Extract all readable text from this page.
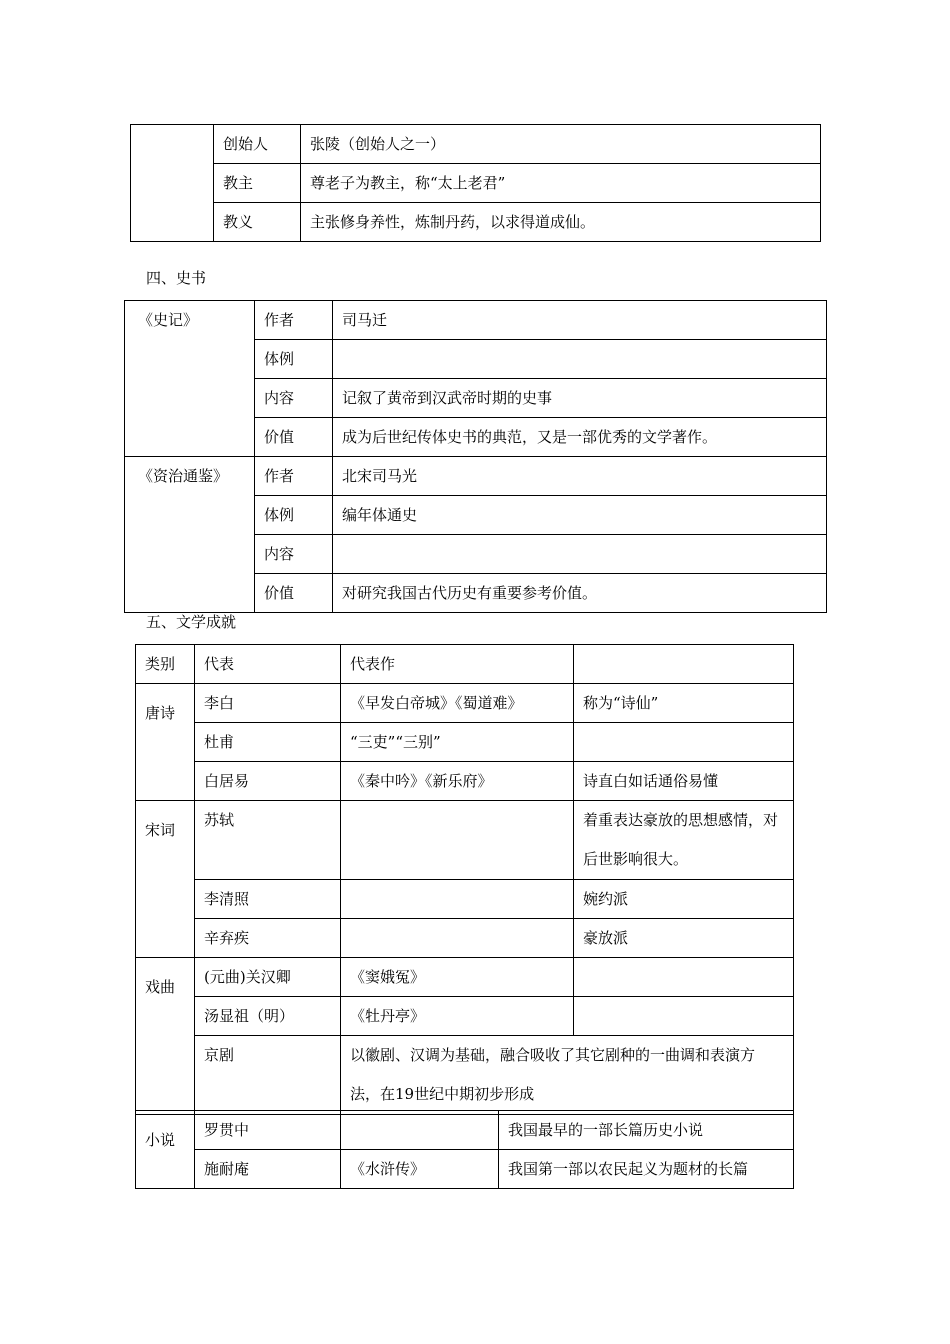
	创始人	张陵（创始人之一）
	教主	尊老子为教主，称“太上老君”
	教义	主张修身养性，炼制丹药，以求得道成仙。
四、史书
《史记》	作者	司马迁
	体例	
	内容	记叙了黄帝到汉武帝时期的史事
	价值	成为后世纪传体史书的典范，又是一部优秀的文学著作。
《资治通鉴》	作者	北宋司马光
	体例	编年体通史
	内容	
	价值	对研究我国古代历史有重要参考价值。
五、文学成就
类别	代表	代表作	
唐诗	李白	《早发白帝城》《蜀道难》	称为“诗仙”
	杜甫	“三吏”“三别”	
	白居易	《秦中吟》《新乐府》	诗直白如话通俗易懂
宋词	苏轼		着重表达豪放的思想感情，对后世影响很大。
	李清照		婉约派
	辛弃疾		豪放派
戏曲	(元曲)关汉卿	《窦娥冤》	
	汤显祖（明）	《牡丹亭》	
	京剧	以徽剧、汉调为基础，融合吸收了其它剧种的一曲调和表演方法，在19世纪中期初步形成	
小说	罗贯中		我国最早的一部长篇历史小说
	施耐庵	《水浒传》	我国第一部以农民起义为题材的长篇
